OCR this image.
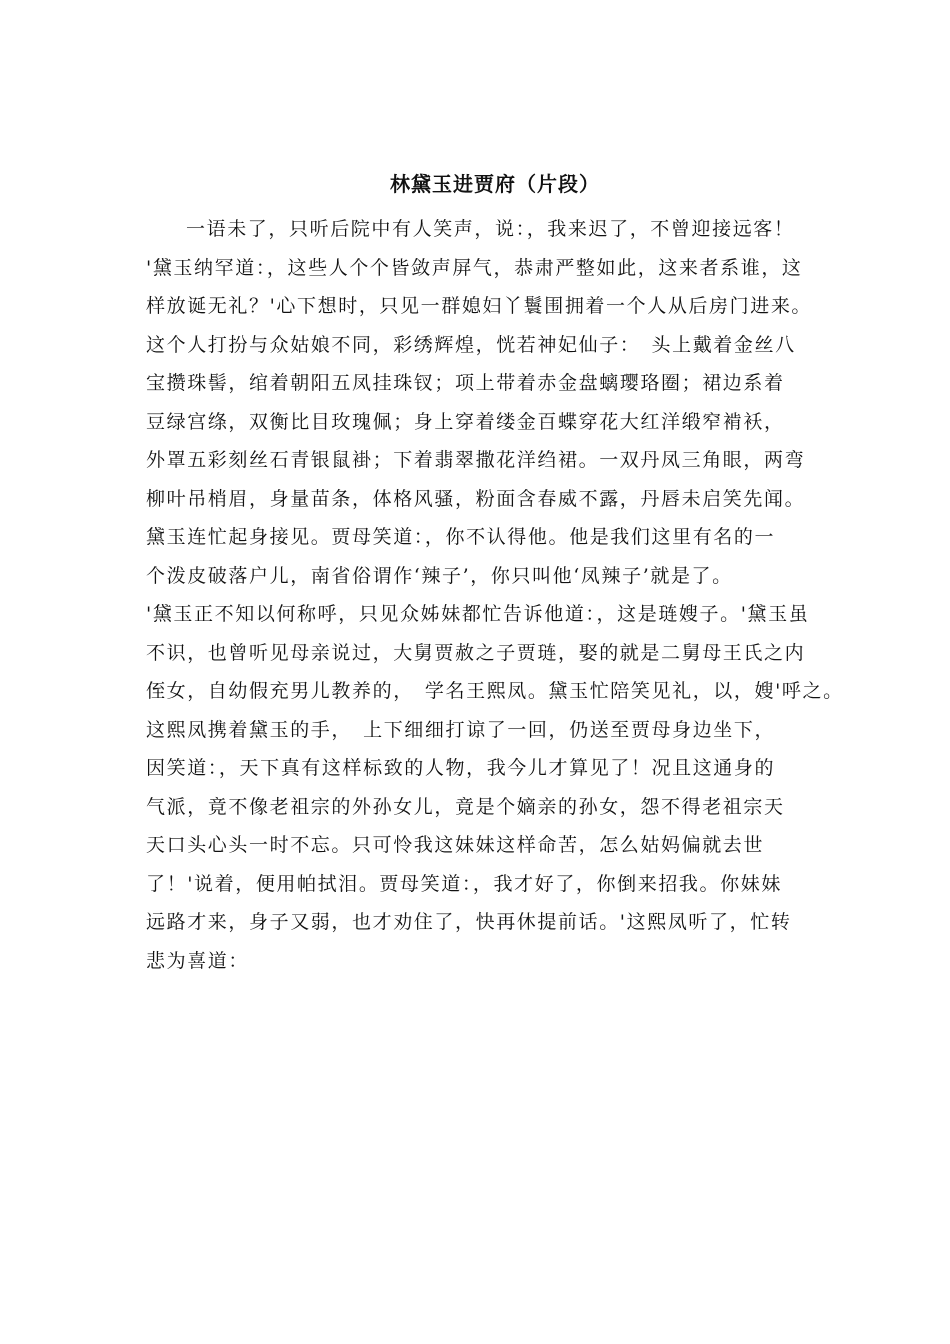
林黛玉进贾府（片段）
一语未了，只听后院中有人笑声，说：，我来迟了，不曾迎接远客！
'黛玉纳罕道：，这些人个个皆敛声屏气，恭肃严整如此，这来者系谁，这
样放诞无礼？'心下想时，只见一群媳妇丫鬟围拥着一个人从后房门进来。
这个人打扮与众姑娘不同，彩绣辉煌，恍若神妃仙子：　头上戴着金丝八
宝攒珠髻，绾着朝阳五凤挂珠钗；项上带着赤金盘螭璎珞圈；裙边系着
豆绿宫绦，双衡比目玫瑰佩；身上穿着缕金百蝶穿花大红洋缎窄褃袄，
外罩五彩刻丝石青银鼠褂；下着翡翠撒花洋绉裙。一双丹凤三角眼，两弯
柳叶吊梢眉，身量苗条，体格风骚，粉面含春威不露，丹唇未启笑先闻。
黛玉连忙起身接见。贾母笑道：，你不认得他。他是我们这里有名的一
个泼皮破落户儿，南省俗谓作‘辣子’，你只叫他‘凤辣子’就是了。
'黛玉正不知以何称呼，只见众姊妹都忙告诉他道：，这是琏嫂子。'黛玉虽
不识，也曾听见母亲说过，大舅贾赦之子贾琏，娶的就是二舅母王氏之内
侄女，自幼假充男儿教养的，　学名王熙凤。黛玉忙陪笑见礼，以，嫂'呼之。
这熙凤携着黛玉的手，　上下细细打谅了一回，仍送至贾母身边坐下，
因笑道：，天下真有这样标致的人物，我今儿才算见了！况且这通身的
气派，竟不像老祖宗的外孙女儿，竟是个嫡亲的孙女，怨不得老祖宗天
天口头心头一时不忘。只可怜我这妹妹这样命苦，怎么姑妈偏就去世
了！'说着，便用帕拭泪。贾母笑道：，我才好了，你倒来招我。你妹妹
远路才来，身子又弱，也才劝住了，快再休提前话。'这熙凤听了，忙转
悲为喜道：
